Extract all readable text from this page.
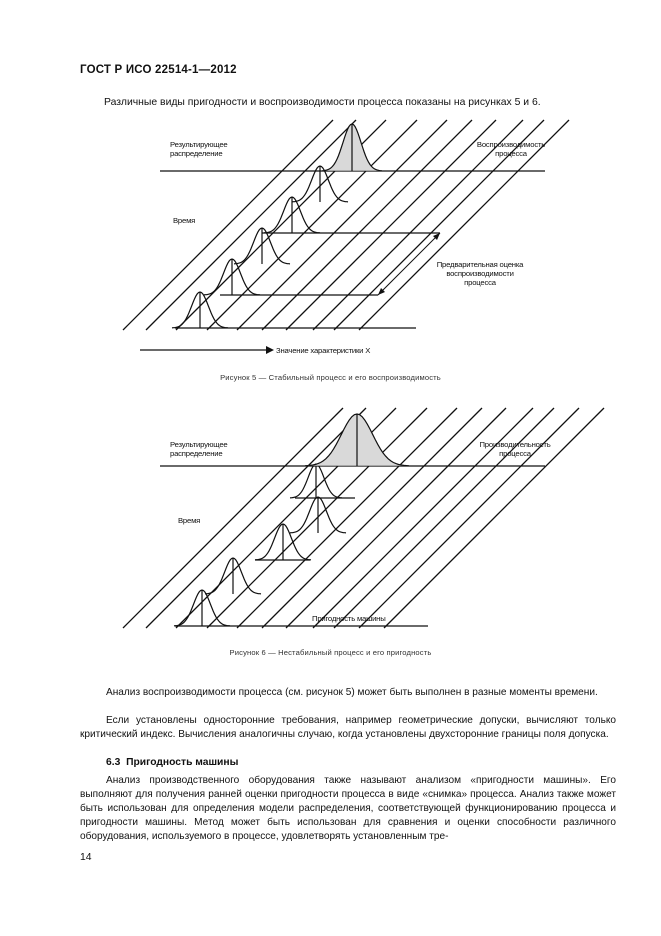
ГОСТ Р ИСО 22514-1—2012
Различные виды пригодности и воспроизводимости процесса показаны на рисунках 5 и 6.
Результирующее
распределение
Воспроизводимость
процесса
Время
Предварительная оценка
воспроизводимости
процесса
Значение характеристики X
Рисунок 5 — Стабильный процесс и его воспроизводимость
Результирующее
распределение
Производительность
процесса
Время
Пригодность машины
Рисунок 6 — Нестабильный процесс и его пригодность
Анализ воспроизводимости процесса (см. рисунок 5) может быть выполнен в разные моменты времени.
Если установлены односторонние требования, например геометрические допуски, вычисляют только критический индекс. Вычисления аналогичны случаю, когда установлены двухсторонние границы поля допуска.
6.3 Пригодность машины
Анализ производственного оборудования также называют анализом «пригодности машины». Его выполняют для получения ранней оценки пригодности процесса в виде «снимка» процесса. Анализ также может быть использован для определения модели распределения, соответствующей функционированию процесса и пригодности машины. Метод может быть использован для сравнения и оценки способности различного оборудования, используемого в процессе, удовлетворять установленным тре-
14
